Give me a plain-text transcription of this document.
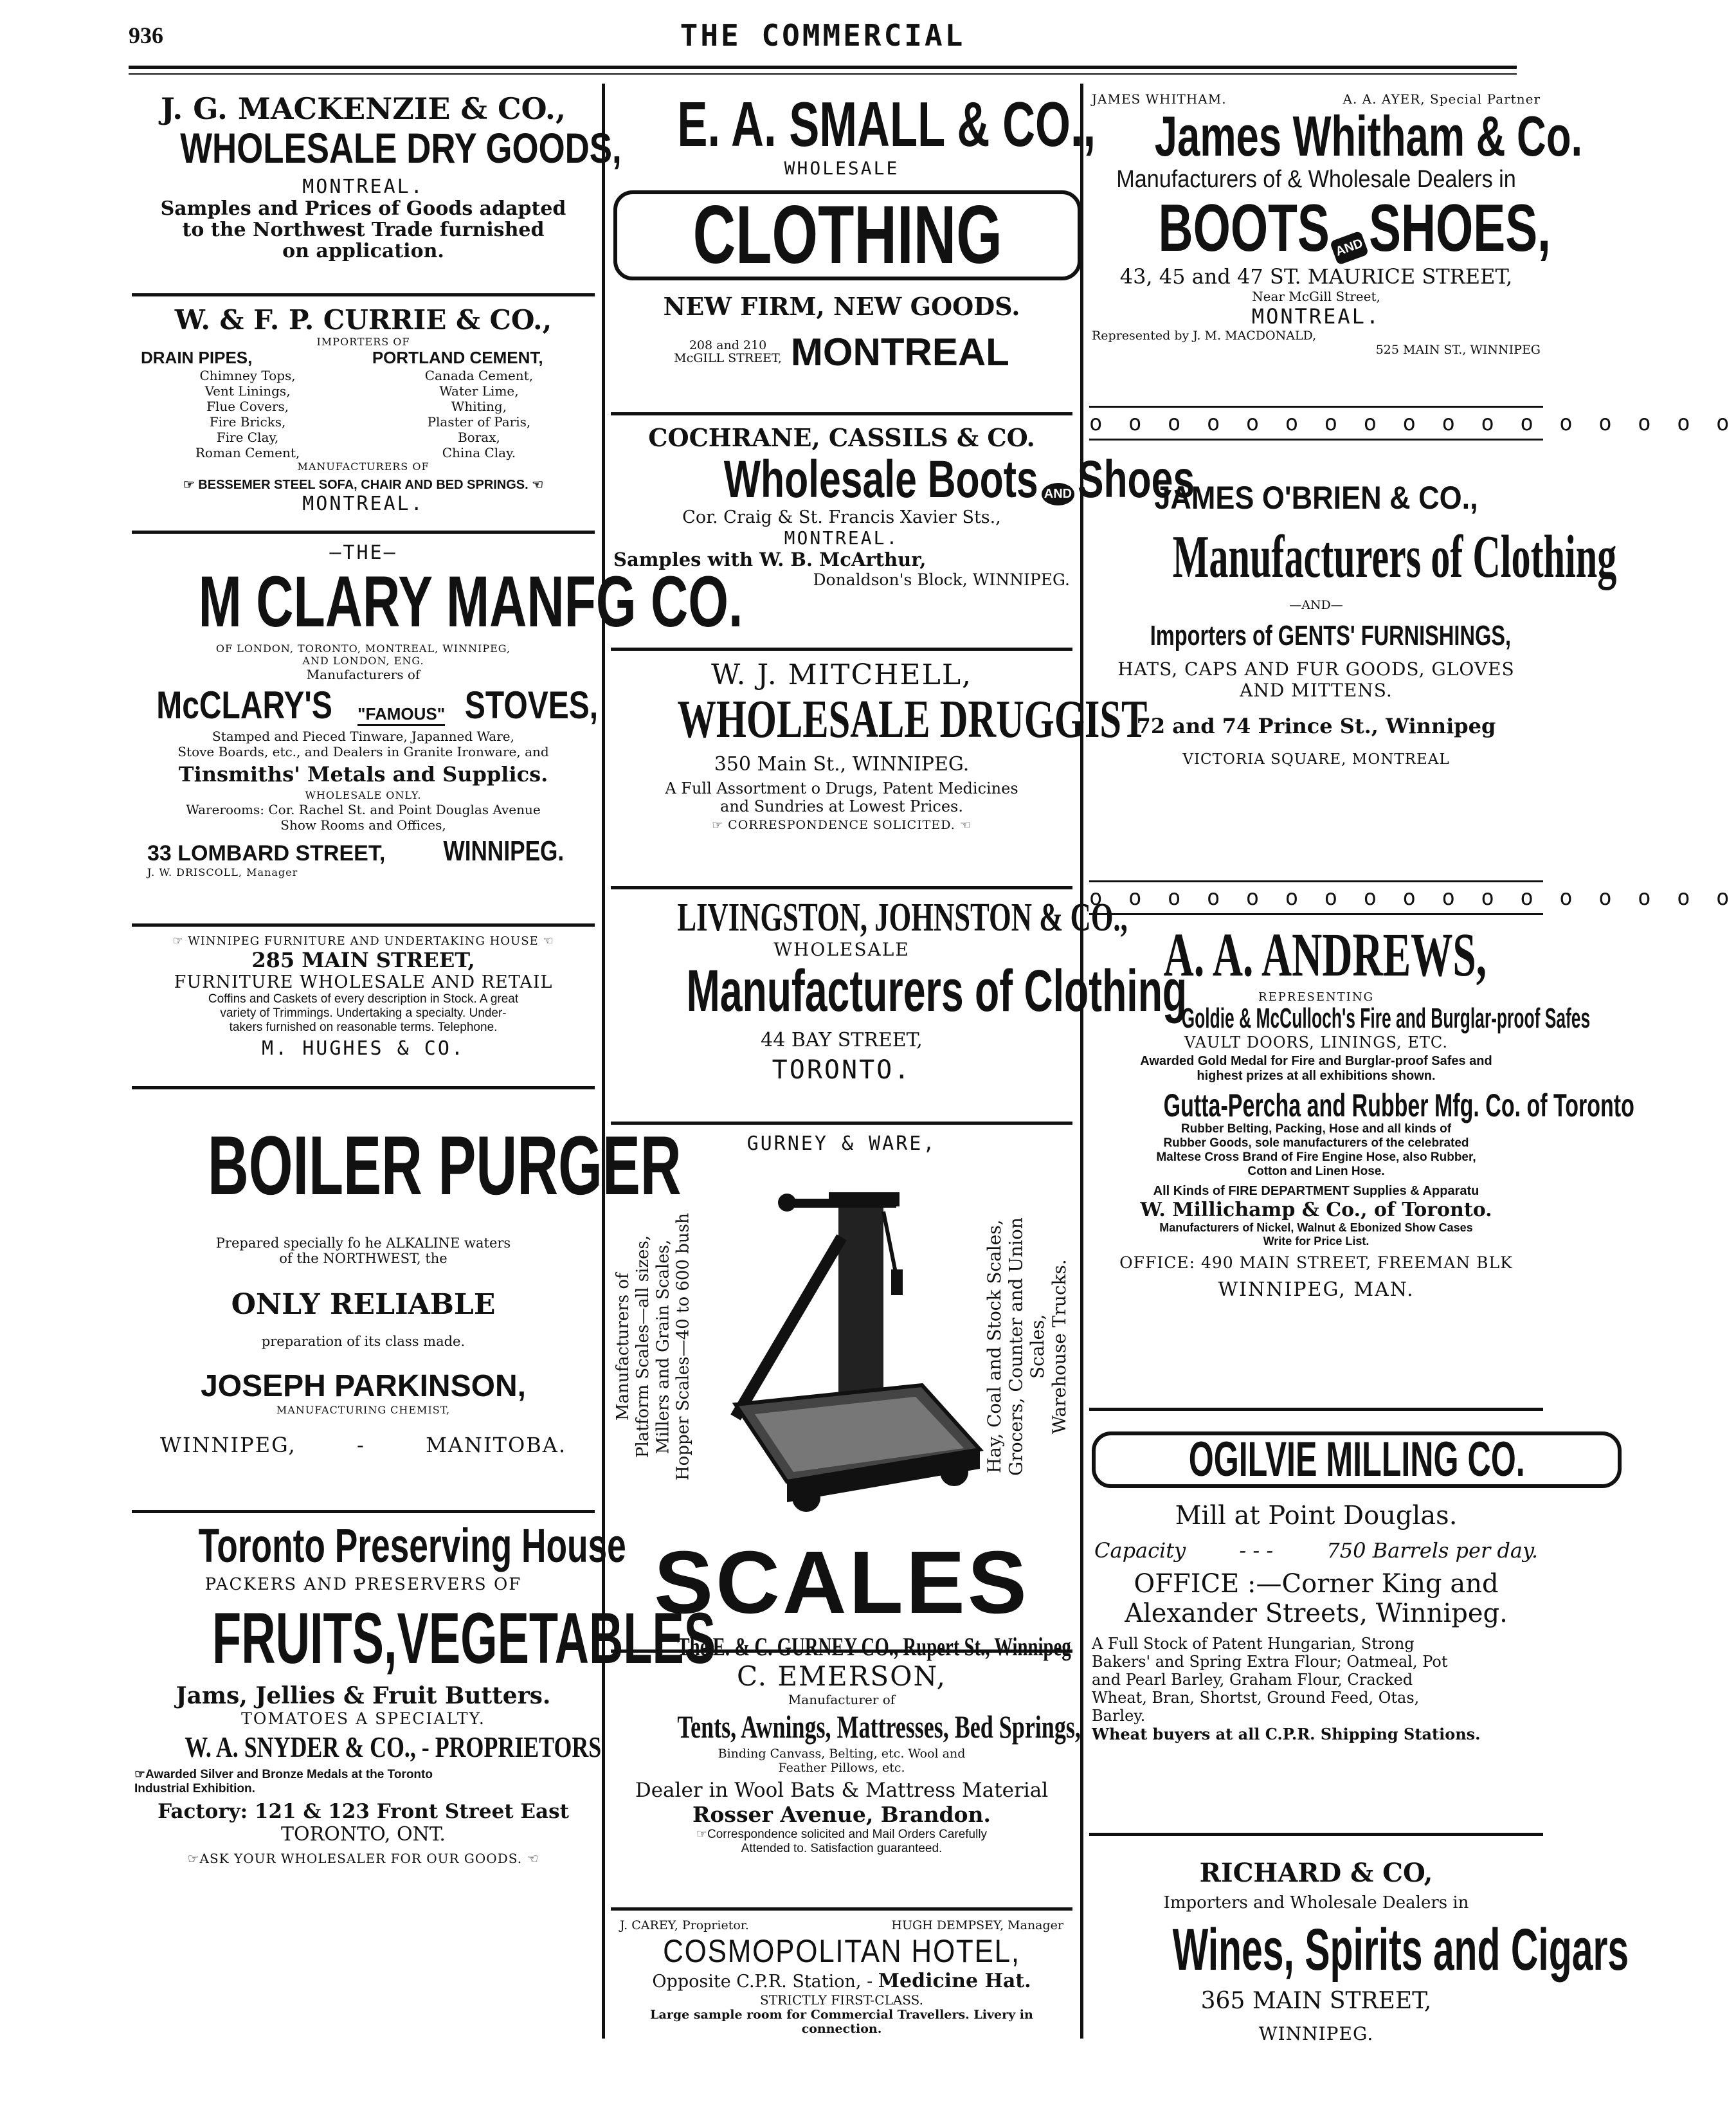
936	THE COMMERCIAL
J. G. MACKENZIE & CO.,
WHOLESALE DRY GOODS,
MONTREAL.
Samples and Prices of Goods adapted
to the Northwest Trade furnished
on application.
W. & F. P. CURRIE & CO.,
IMPORTERS OF
DRAIN PIPES,
Chimney Tops,
Vent Linings,
Flue Covers,
Fire Bricks,
Fire Clay,
Roman Cement,
PORTLAND CEMENT,
Canada Cement,
Water Lime,
Whiting,
Plaster of Paris,
Borax,
China Clay.
MANUFACTURERS OF
☞ BESSEMER STEEL SOFA, CHAIR AND BED SPRINGS. ☜
MONTREAL.
—THE—
M CLARY MANFG CO.
OF LONDON, TORONTO, MONTREAL, WINNIPEG,
AND LONDON, ENG.
Manufacturers of
McCLARY'S "FAMOUS" STOVES,
Stamped and Pieced Tinware, Japanned Ware,
Stove Boards, etc., and Dealers in Granite Ironware, and
Tinsmiths' Metals and Supplics.
WHOLESALE ONLY.
Warerooms: Cor. Rachel St. and Point Douglas Avenue
Show Rooms and Offices,
33 LOMBARD STREET, WINNIPEG.
J. W. DRISCOLL, Manager
☞ WINNIPEG FURNITURE AND UNDERTAKING HOUSE ☜
285 MAIN STREET,
FURNITURE WHOLESALE AND RETAIL
Coffins and Caskets of every description in Stock. A great
variety of Trimmings. Undertaking a specialty. Under-
takers furnished on reasonable terms. Telephone.
M. HUGHES & CO.
BOILER PURGER
Prepared specially fo he ALKALINE waters
of the NORTHWEST, the
ONLY RELIABLE
preparation of its class made.
JOSEPH PARKINSON,
MANUFACTURING CHEMIST,
WINNIPEG,	-	MANITOBA.
Toronto Preserving House
PACKERS AND PRESERVERS OF
FRUITS,VEGETABLES
Jams, Jellies & Fruit Butters.
TOMATOES A SPECIALTY.
W. A. SNYDER & CO., - PROPRIETORS
☞Awarded Silver and Bronze Medals at the Toronto
Industrial Exhibition.
Factory: 121 & 123 Front Street East
TORONTO, ONT.
☞ASK YOUR WHOLESALER FOR OUR GOODS. ☜
E. A. SMALL & CO.,
WHOLESALE
CLOTHING
NEW FIRM, NEW GOODS.
208 and 210
McGILL STREET, MONTREAL
COCHRANE, CASSILS & CO.
Wholesale Boots AND Shoes
Cor. Craig & St. Francis Xavier Sts.,
MONTREAL.
Samples with W. B. McArthur,
Donaldson's Block, WINNIPEG.
W. J. MITCHELL,
WHOLESALE DRUGGIST
350 Main St., WINNIPEG.
A Full Assortment o Drugs, Patent Medicines
and Sundries at Lowest Prices.
☞ CORRESPONDENCE SOLICITED. ☜
LIVINGSTON, JOHNSTON & CO.,
WHOLESALE
Manufacturers of Clothing
44 BAY STREET,
TORONTO.
GURNEY & WARE,
Manufacturers of Platform Scales—all sizes, Millers and Grain Scales, Hopper Scales—40 to 600 bush	Hay, Coal and Stock Scales, Grocers, Counter and Union Scales, Warehouse Trucks.
SCALES
The E. & C. GURNEY CO., Rupert St., Winnipeg
C. EMERSON,
Manufacturer of
Tents, Awnings, Mattresses, Bed Springs,
Binding Canvass, Belting, etc. Wool and
Feather Pillows, etc.
Dealer in Wool Bats & Mattress Material
Rosser Avenue, Brandon.
☞Correspondence solicited and Mail Orders Carefully
Attended to. Satisfaction guaranteed.
J. CAREY, Proprietor.	HUGH DEMPSEY, Manager
COSMOPOLITAN HOTEL,
Opposite C.P.R. Station, - Medicine Hat.
STRICTLY FIRST-CLASS.
Large sample room for Commercial Travellers. Livery in
connection.
JAMES WHITHAM.	A. A. AYER, Special Partner
James Whitham & Co.
Manufacturers of & Wholesale Dealers in
BOOTS AND SHOES,
43, 45 and 47 ST. MAURICE STREET,
Near McGill Street,
MONTREAL.
Represented by J. M. MACDONALD,
525 MAIN ST., WINNIPEG
o o o o o o o o o o o o o o o o o
JAMES O'BRIEN & CO.,
Manufacturers of Clothing
—AND—
Importers of GENTS' FURNISHINGS,
HATS, CAPS AND FUR GOODS, GLOVES
AND MITTENS.
72 and 74 Prince St., Winnipeg
VICTORIA SQUARE, MONTREAL
o o o o o o o o o o o o o o o o o
A. A. ANDREWS,
REPRESENTING
Goldie & McCulloch's Fire and Burglar-proof Safes
VAULT DOORS, LININGS, ETC.
Awarded Gold Medal for Fire and Burglar-proof Safes and
highest prizes at all exhibitions shown.
Gutta-Percha and Rubber Mfg. Co. of Toronto
Rubber Belting, Packing, Hose and all kinds of
Rubber Goods, sole manufacturers of the celebrated
Maltese Cross Brand of Fire Engine Hose, also Rubber,
Cotton and Linen Hose.
All Kinds of FIRE DEPARTMENT Supplies & Apparatu
W. Millichamp & Co., of Toronto.
Manufacturers of Nickel, Walnut & Ebonized Show Cases
Write for Price List.
OFFICE: 490 MAIN STREET, FREEMAN BLK
WINNIPEG, MAN.
OGILVIE MILLING CO.
Mill at Point Douglas.
Capacity	- - -	750 Barrels per day.
OFFICE :—Corner King and
Alexander Streets, Winnipeg.
A Full Stock of Patent Hungarian, Strong
Bakers' and Spring Extra Flour; Oatmeal, Pot
and Pearl Barley, Graham Flour, Cracked
Wheat, Bran, Shortst, Ground Feed, Otas,
Barley.
Wheat buyers at all C.P.R. Shipping Stations.
RICHARD & CO,
Importers and Wholesale Dealers in
Wines, Spirits and Cigars
365 MAIN STREET,
WINNIPEG.
